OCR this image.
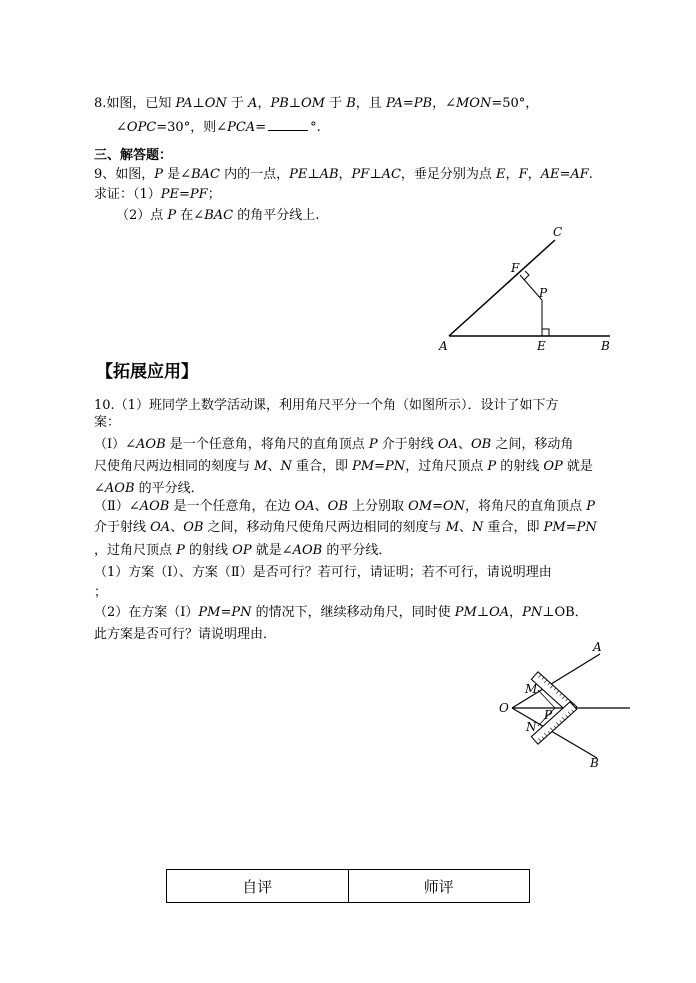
8.如图，已知 PA⊥ON 于 A，PB⊥OM 于 B，且 PA=PB，∠MON=50°，
∠OPC=30°，则∠PCA=	°.
三、解答题：
9、如图，P 是∠BAC 内的一点，PE⊥AB，PF⊥AC，垂足分别为点 E，F，AE=AF.
求证：（1）PE=PF；
（2）点 P 在∠BAC 的角平分线上.
A	E	B
F
P
C
【拓展应用】
10.（1）班同学上数学活动课，利用角尺平分一个角（如图所示）．设计了如下方
案：
（Ⅰ）∠AOB 是一个任意角，将角尺的直角顶点 P 介于射线 OA、OB 之间，移动角
尺使角尺两边相同的刻度与 M、N 重合，即 PM=PN，过角尺顶点 P 的射线 OP 就是
∠AOB 的平分线．
（Ⅱ）∠AOB 是一个任意角，在边 OA、OB 上分别取 OM=ON，将角尺的直角顶点 P
介于射线 OA、OB 之间，移动角尺使角尺两边相同的刻度与 M、N 重合，即 PM=PN
，过角尺顶点 P 的射线 OP 就是∠AOB 的平分线．
（1）方案（Ⅰ）、方案（Ⅱ）是否可行？若可行，请证明；若不可行，请说明理由
；
（2）在方案（Ⅰ）PM=PN 的情况下，继续移动角尺，同时使 PM⊥OA，PN⊥OB．
此方案是否可行？请说明理由．
A
O
M
P
N
B
自评	师评
